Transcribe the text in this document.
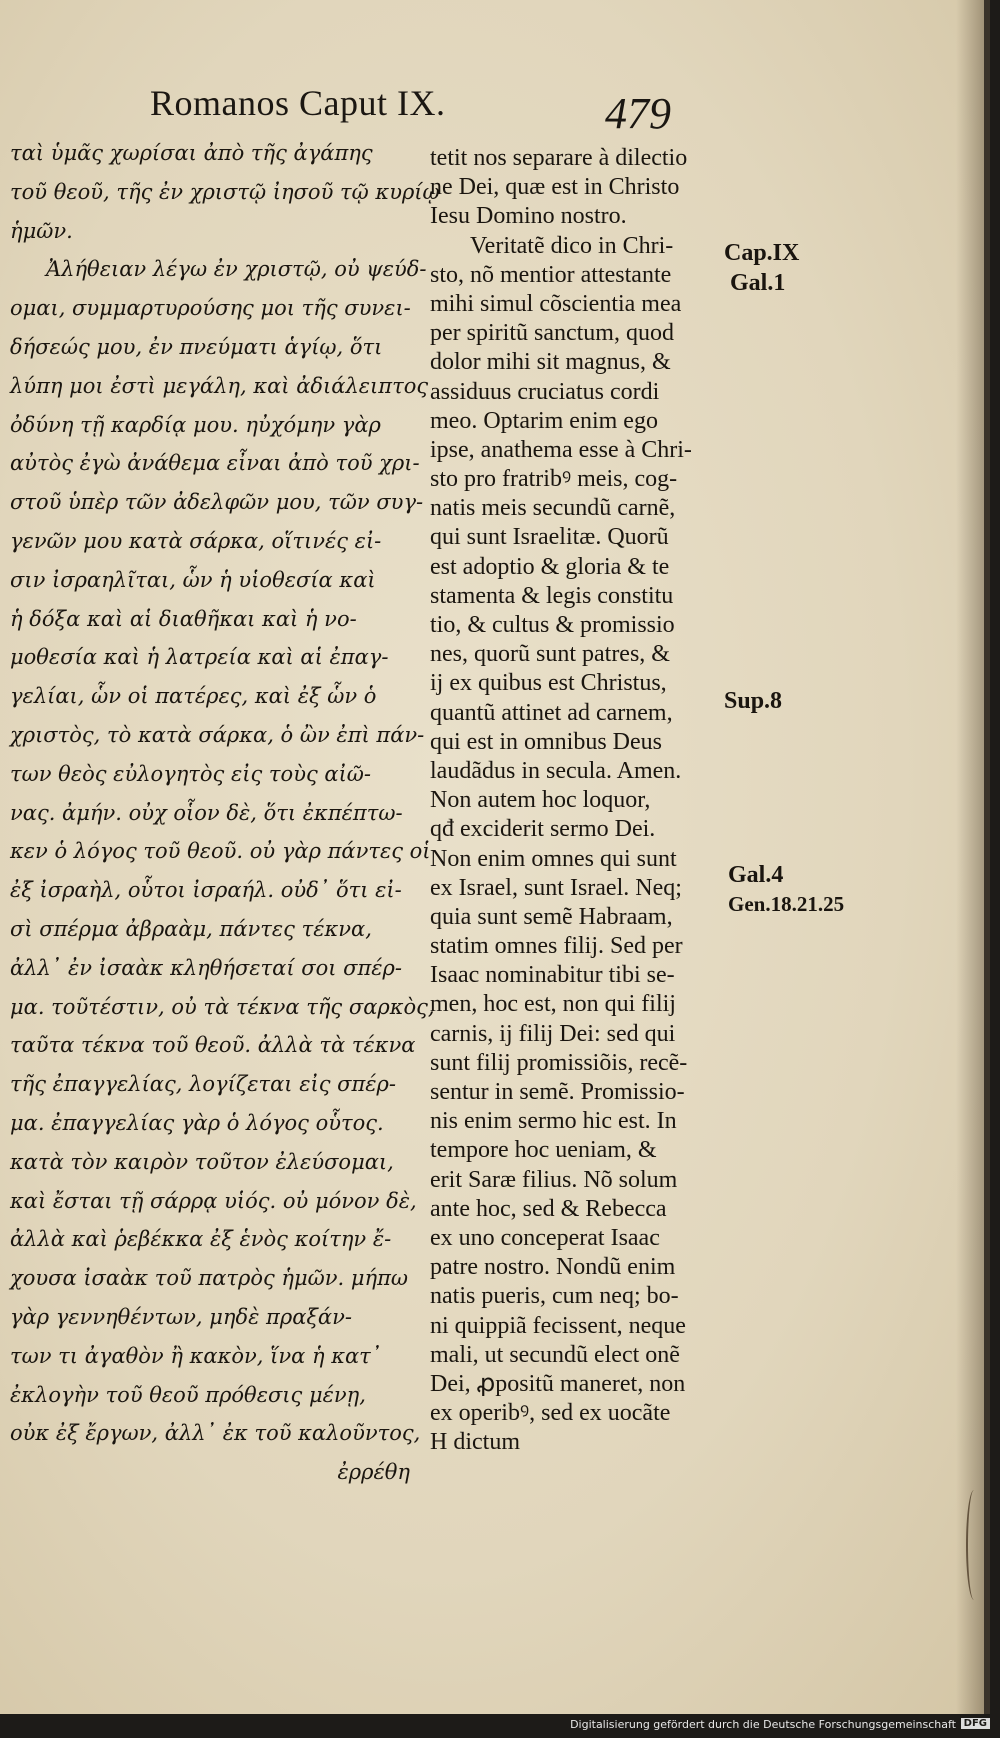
Romanos Caput IX.	479
ταὶ ὑμᾶς χωρίσαι ἀπὸ τῆς ἀγάπης
τοῦ θεοῦ, τῆς ἐν χριστῷ ἰησοῦ τῷ κυρίῳ
ἡμῶν.
Ἀλήθειαν λέγω ἐν χριστῷ, οὐ ψεύδ-
ομαι, συμμαρτυρούσης μοι τῆς συνει-
δήσεώς μου, ἐν πνεύματι ἁγίῳ, ὅτι
λύπη μοι ἐστὶ μεγάλη, καὶ ἀδιάλειπτος
ὀδύνη τῇ καρδίᾳ μου. ηὐχόμην γὰρ
αὐτὸς ἐγὼ ἀνάθεμα εἶναι ἀπὸ τοῦ χρι-
στοῦ ὑπὲρ τῶν ἀδελφῶν μου, τῶν συγ-
γενῶν μου κατὰ σάρκα, οἵτινές εἰ-
σιν ἰσραηλῖται, ὧν ἡ υἱοθεσία καὶ
ἡ δόξα καὶ αἱ διαθῆκαι καὶ ἡ νο-
μοθεσία καὶ ἡ λατρεία καὶ αἱ ἐπαγ-
γελίαι, ὧν οἱ πατέρες, καὶ ἐξ ὧν ὁ
χριστὸς, τὸ κατὰ σάρκα, ὁ ὢν ἐπὶ πάν-
των θεὸς εὐλογητὸς εἰς τοὺς αἰῶ-
νας. ἀμήν. οὐχ οἷον δὲ, ὅτι ἐκπέπτω-
κεν ὁ λόγος τοῦ θεοῦ. οὐ γὰρ πάντες οἱ
ἐξ ἰσραὴλ, οὗτοι ἰσραήλ. οὐδ᾽ ὅτι εἰ-
σὶ σπέρμα ἀβραὰμ, πάντες τέκνα,
ἀλλ᾽ ἐν ἰσαὰκ κληθήσεταί σοι σπέρ-
μα. τοῦτέστιν, οὐ τὰ τέκνα τῆς σαρκὸς,
ταῦτα τέκνα τοῦ θεοῦ. ἀλλὰ τὰ τέκνα
τῆς ἐπαγγελίας, λογίζεται εἰς σπέρ-
μα. ἐπαγγελίας γὰρ ὁ λόγος οὗτος.
κατὰ τὸν καιρὸν τοῦτον ἐλεύσομαι,
καὶ ἔσται τῇ σάρρᾳ υἱός. οὐ μόνον δὲ,
ἀλλὰ καὶ ῥεβέκκα ἐξ ἑνὸς κοίτην ἔ-
χουσα ἰσαὰκ τοῦ πατρὸς ἡμῶν. μήπω
γὰρ γεννηθέντων, μηδὲ πραξάν-
των τι ἀγαθὸν ἢ κακὸν, ἵνα ἡ κατ᾽
ἐκλογὴν τοῦ θεοῦ πρόθεσις μένῃ,
οὐκ ἐξ ἔργων, ἀλλ᾽ ἐκ τοῦ καλοῦντος,
ἐρρέθη
tetit nos separare à dilectio
ne Dei, quæ est in Christo
Iesu Domino nostro.
Veritatẽ dico in Chri-
sto, nõ mentior attestante
mihi simul cõscientia mea
per spiritũ sanctum, quod
dolor mihi sit magnus, &
assiduus cruciatus cordi
meo. Optarim enim ego
ipse, anathema esse à Chri-
sto pro fratribꝰ meis, cog-
natis meis secundũ carnẽ,
qui sunt Israelitæ. Quorũ
est adoptio & gloria & te
stamenta & legis constitu
tio, & cultus & promissio
nes, quorũ sunt patres, &
ij ex quibus est Christus,
quantũ attinet ad carnem,
qui est in omnibus Deus
laudãdus in secula. Amen.
Non autem hoc loquor,
qđ exciderit sermo Dei.
Non enim omnes qui sunt
ex Israel, sunt Israel. Neq;
quia sunt semẽ Habraam,
statim omnes filij. Sed per
Isaac nominabitur tibi se-
men, hoc est, non qui filij
carnis, ij filij Dei: sed qui
sunt filij promissiõis, recẽ-
sentur in semẽ. Promissio-
nis enim sermo hic est. In
tempore hoc ueniam, &
erit Saræ filius. Nõ solum
ante hoc, sed & Rebecca
ex uno conceperat Isaac
patre nostro. Nondũ enim
natis pueris, cum neq; bo-
ni quippiã fecissent, neque
mali, ut secundũ elect onẽ
Dei, ꝓpositũ maneret, non
ex operibꝰ, sed ex uocãte
H dictum
Cap.IX
Gal.1
Sup.8
Gal.4
Gen.18.21.25
Digitalisierung gefördert durch die Deutsche Forschungsgemeinschaft DFG
